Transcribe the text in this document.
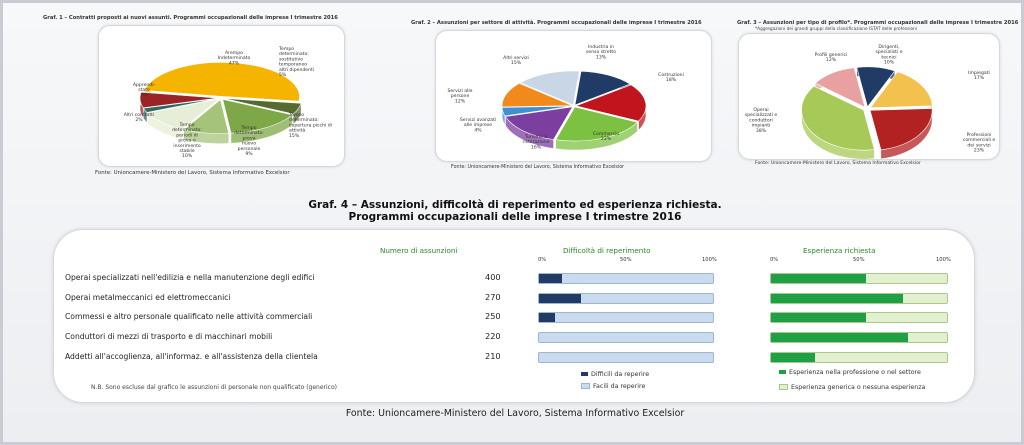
Graf. 1 – Contratti proposti ai nuovi assunti. Programmi occupazionali delle imprese I trimestre 2016
Arempo Indeterminato 47%
Tempo determinato: sostitutivo temporaneo altri dipendenti 5%
Tempo determinato: copertura picchi di attività 15%
Tempo determinato: prova nuovo personale 9%
Tempo determinato: periodi di prova o inserimento stabile 10%
Altri contratti 2%
Apprendi-stato 7%
Fonte: Unioncamere-Ministero del Lavoro, Sistema Informativo Excelsior
Graf. 2 – Assunzioni per settore di attività. Programmi occupazionali delle imprese I trimestre 2016
Industria in senso stretto 13%
Costruzioni 18%
Commercio 22%
Turismo e ristorazione 16%
Servizi avanzati alle imprese 4%
Servizi alle persone 12%
Altri servizi 15%
Fonte: Unioncamere-Ministero del Lavoro, Sistema Informativo Excelsior
Graf. 3 – Assunzioni per tipo di profilo*. Programmi occupazionali delle imprese I trimestre 2016
*Aggregazioni dei grandi gruppi della classificazione ISTAT delle professioni
Dirigenti, specialisti e tecnici 10%
Impiegati 17%
Professioni commerciali e dei servizi 23%
Operai specializzati e conduttori impianti 38%
Profili generici 12%
Fonte: Unioncamere-Ministero del Lavoro, Sistema Informativo Excelsior
Graf. 4 – Assunzioni, difficoltà di reperimento ed esperienza richiesta.
Programmi occupazionali delle imprese I trimestre 2016
Numero di assunzioni	Difficoltà di reperimento	Esperienza richiesta
0%	50%	100%	0%	50%	100%
Operai specializzati nell'edilizia e nella manutenzione degli edifici	400
Operai metalmeccanici ed elettromeccanici	270
Commessi e altro personale qualificato nelle attività commerciali	250
Conduttori di mezzi di trasporto e di macchinari mobili	220
Addetti all'accoglienza, all'informaz. e all'assistenza della clientela	210
Difficili da reperire
Facili da reperire
Esperienza nella professione o nel settore
Esperienza generica o nessuna esperienza
N.B. Sono escluse dal grafico le assunzioni di personale non qualificato (generico)
Fonte: Unioncamere-Ministero del Lavoro, Sistema Informativo Excelsior
